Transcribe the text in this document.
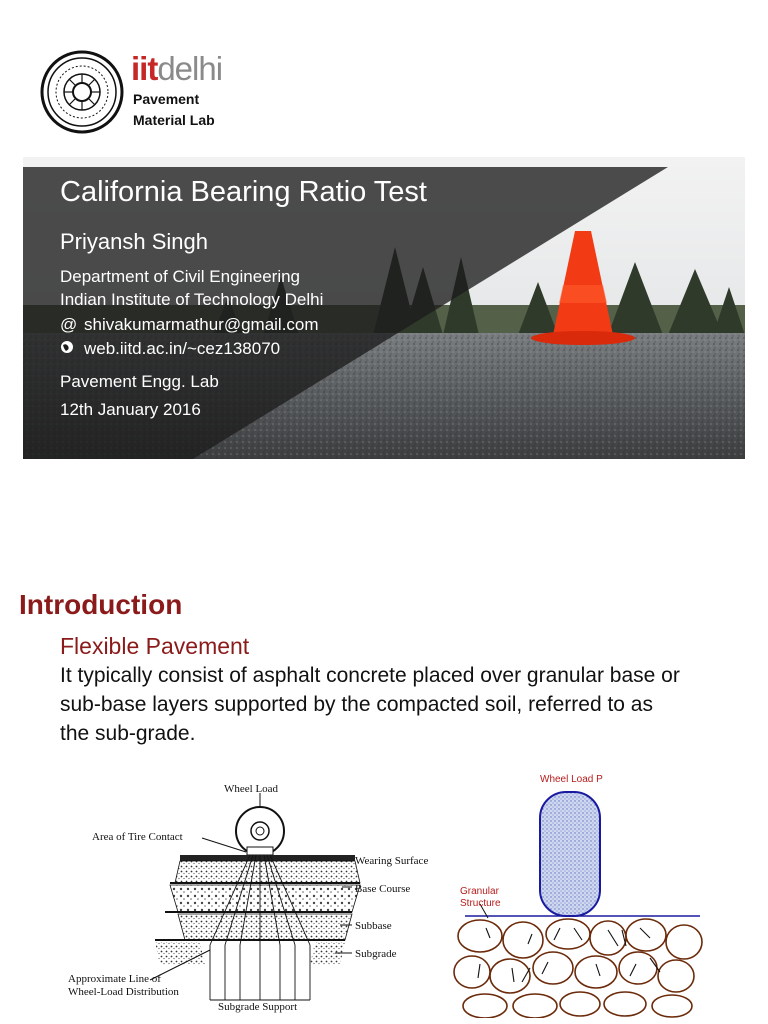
iitdelhi
Pavement
Material Lab
California Bearing Ratio Test
Priyansh Singh
Department of Civil Engineering
Indian Institute of Technology Delhi
@ shivakumarmathur@gmail.com
web.iitd.ac.in/~cez138070
Pavement Engg. Lab
12th January 2016
Introduction
Flexible Pavement
It typically consist of asphalt concrete placed over granular base or sub-base layers supported by the compacted soil, referred to as the sub-grade.
Wheel Load
Area of Tire Contact
Wearing Surface
Base Course
Subbase
Subgrade
Approximate Line of
Wheel-Load Distribution
Subgrade Support
Wheel Load P
Granular
Structure
